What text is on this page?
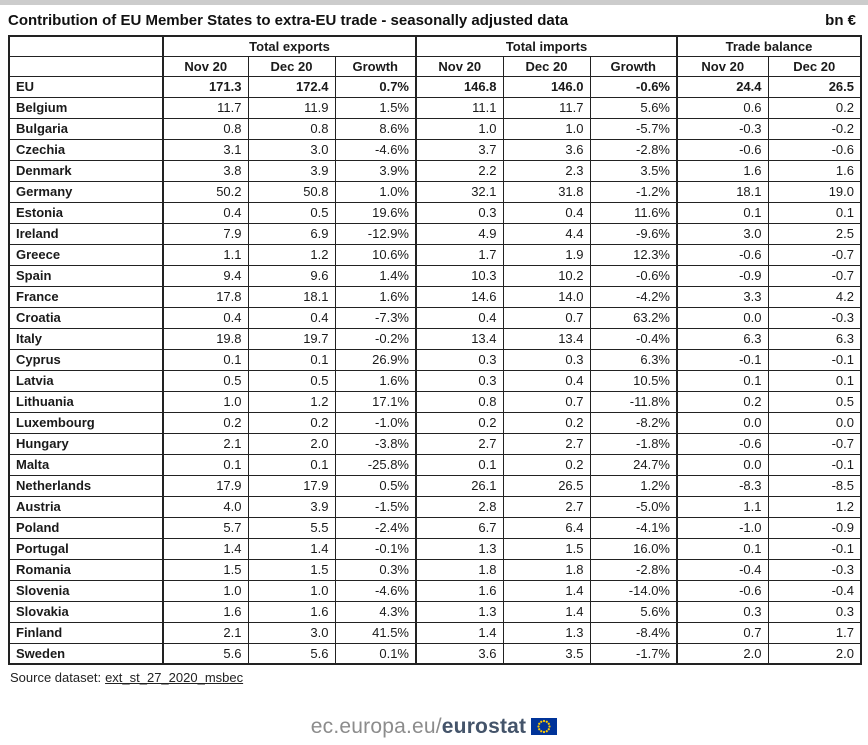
Contribution of EU Member States to extra-EU trade - seasonally adjusted data	bn €
	Total exports			Total imports			Trade balance	
	Nov 20	Dec 20	Growth	Nov 20	Dec 20	Growth	Nov 20	Dec 20
EU	171.3	172.4	0.7%	146.8	146.0	-0.6%	24.4	26.5
Belgium	11.7	11.9	1.5%	11.1	11.7	5.6%	0.6	0.2
Bulgaria	0.8	0.8	8.6%	1.0	1.0	-5.7%	-0.3	-0.2
Czechia	3.1	3.0	-4.6%	3.7	3.6	-2.8%	-0.6	-0.6
Denmark	3.8	3.9	3.9%	2.2	2.3	3.5%	1.6	1.6
Germany	50.2	50.8	1.0%	32.1	31.8	-1.2%	18.1	19.0
Estonia	0.4	0.5	19.6%	0.3	0.4	11.6%	0.1	0.1
Ireland	7.9	6.9	-12.9%	4.9	4.4	-9.6%	3.0	2.5
Greece	1.1	1.2	10.6%	1.7	1.9	12.3%	-0.6	-0.7
Spain	9.4	9.6	1.4%	10.3	10.2	-0.6%	-0.9	-0.7
France	17.8	18.1	1.6%	14.6	14.0	-4.2%	3.3	4.2
Croatia	0.4	0.4	-7.3%	0.4	0.7	63.2%	0.0	-0.3
Italy	19.8	19.7	-0.2%	13.4	13.4	-0.4%	6.3	6.3
Cyprus	0.1	0.1	26.9%	0.3	0.3	6.3%	-0.1	-0.1
Latvia	0.5	0.5	1.6%	0.3	0.4	10.5%	0.1	0.1
Lithuania	1.0	1.2	17.1%	0.8	0.7	-11.8%	0.2	0.5
Luxembourg	0.2	0.2	-1.0%	0.2	0.2	-8.2%	0.0	0.0
Hungary	2.1	2.0	-3.8%	2.7	2.7	-1.8%	-0.6	-0.7
Malta	0.1	0.1	-25.8%	0.1	0.2	24.7%	0.0	-0.1
Netherlands	17.9	17.9	0.5%	26.1	26.5	1.2%	-8.3	-8.5
Austria	4.0	3.9	-1.5%	2.8	2.7	-5.0%	1.1	1.2
Poland	5.7	5.5	-2.4%	6.7	6.4	-4.1%	-1.0	-0.9
Portugal	1.4	1.4	-0.1%	1.3	1.5	16.0%	0.1	-0.1
Romania	1.5	1.5	0.3%	1.8	1.8	-2.8%	-0.4	-0.3
Slovenia	1.0	1.0	-4.6%	1.6	1.4	-14.0%	-0.6	-0.4
Slovakia	1.6	1.6	4.3%	1.3	1.4	5.6%	0.3	0.3
Finland	2.1	3.0	41.5%	1.4	1.3	-8.4%	0.7	1.7
Sweden	5.6	5.6	0.1%	3.6	3.5	-1.7%	2.0	2.0
Source dataset: ext_st_27_2020_msbec
ec.europa.eu/eurostat
